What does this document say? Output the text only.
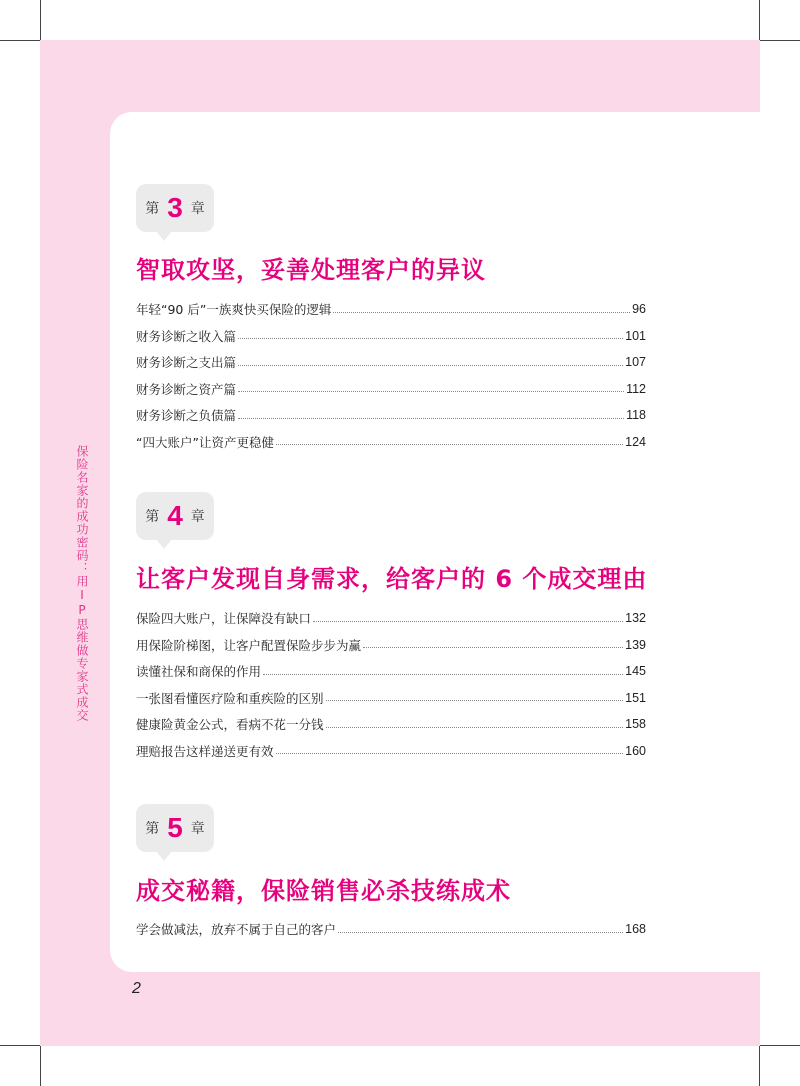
保险名家的成功密码：用IP思维做专家式成交
第 3 章
智取攻坚，妥善处理客户的异议
年轻“90 后”一族爽快买保险的逻辑	96
财务诊断之收入篇	101
财务诊断之支出篇	107
财务诊断之资产篇	112
财务诊断之负债篇	118
“四大账户”让资产更稳健	124
第 4 章
让客户发现自身需求，给客户的 6 个成交理由
保险四大账户，让保障没有缺口	132
用保险阶梯图，让客户配置保险步步为赢	139
读懂社保和商保的作用	145
一张图看懂医疗险和重疾险的区别	151
健康险黄金公式，看病不花一分钱	158
理赔报告这样递送更有效	160
第 5 章
成交秘籍，保险销售必杀技练成术
学会做减法，放弃不属于自己的客户	168
2
